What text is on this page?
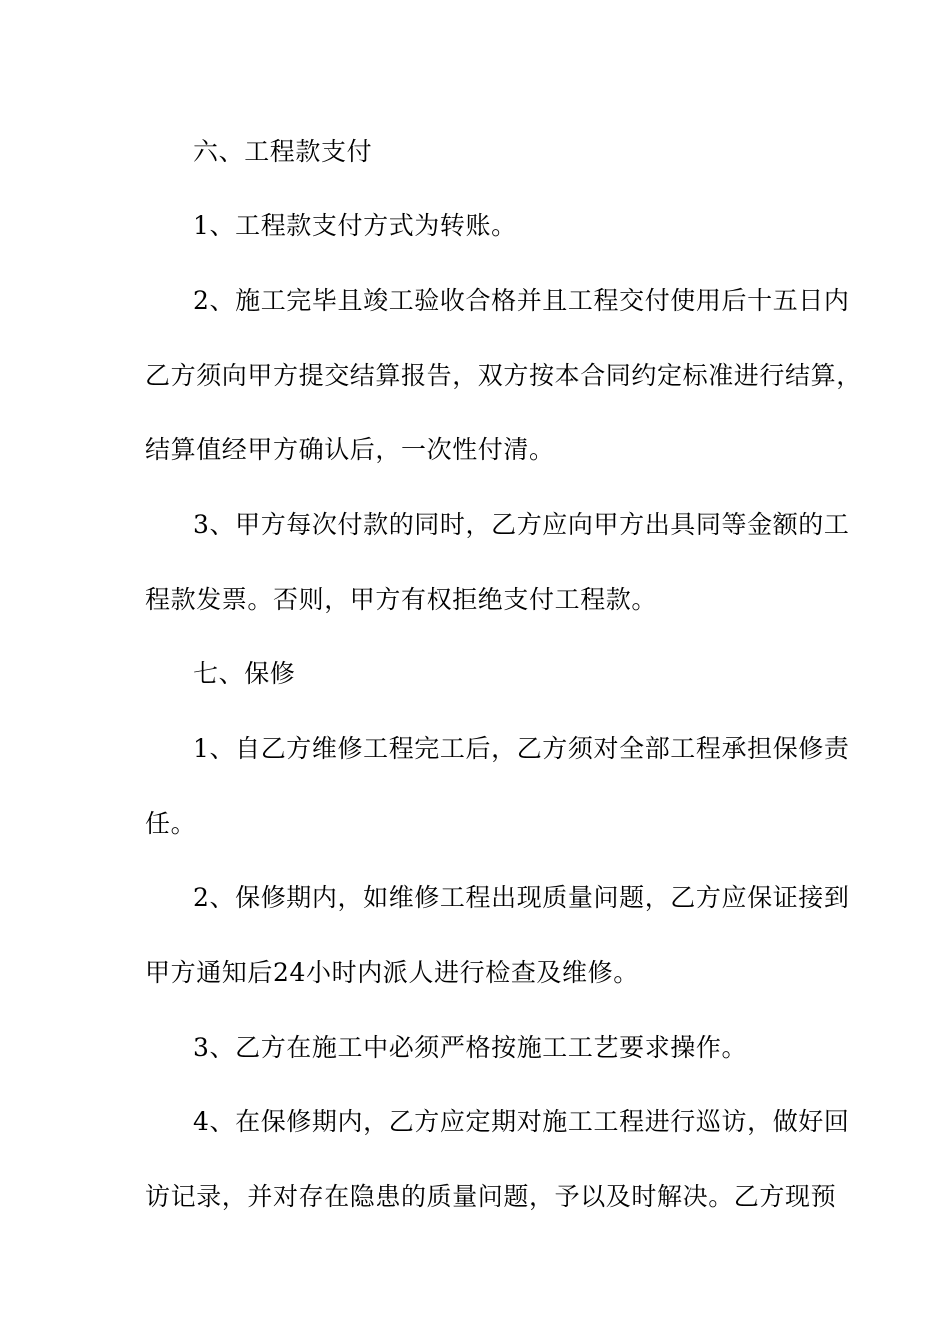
六、工程款支付
1、工程款支付方式为转账。
2、施工完毕且竣工验收合格并且工程交付使用后十五日内
乙方须向甲方提交结算报告，双方按本合同约定标准进行结算，
结算值经甲方确认后，一次性付清。
3、甲方每次付款的同时，乙方应向甲方出具同等金额的工
程款发票。否则，甲方有权拒绝支付工程款。
七、保修
1、自乙方维修工程完工后，乙方须对全部工程承担保修责
任。
2、保修期内，如维修工程出现质量问题，乙方应保证接到
甲方通知后24小时内派人进行检查及维修。
3、乙方在施工中必须严格按施工工艺要求操作。
4、在保修期内，乙方应定期对施工工程进行巡访，做好回
访记录，并对存在隐患的质量问题，予以及时解决。乙方现预
